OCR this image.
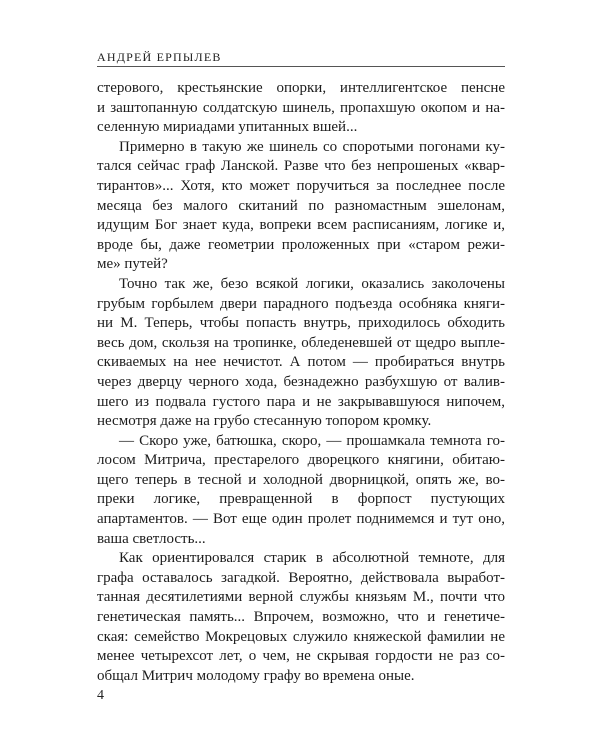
АНДРЕЙ ЕРПЫЛЕВ
стерового, крестьянские опорки, интеллигентское пенсне
и заштопанную солдатскую шинель, пропахшую окопом и на-
селенную мириадами упитанных вшей...
Примерно в такую же шинель со споротыми погонами ку-
тался сейчас граф Ланской. Разве что без непрошеных «квар-
тирантов»... Хотя, кто может поручиться за последнее после
месяца без малого скитаний по разномастным эшелонам,
идущим Бог знает куда, вопреки всем расписаниям, логике и,
вроде бы, даже геометрии проложенных при «старом режи-
ме» путей?
Точно так же, безо всякой логики, оказались заколочены
грубым горбылем двери парадного подъезда особняка княги-
ни М. Теперь, чтобы попасть внутрь, приходилось обходить
весь дом, скользя на тропинке, обледеневшей от щедро выпле-
скиваемых на нее нечистот. А потом — пробираться внутрь
через дверцу черного хода, безнадежно разбухшую от валив-
шего из подвала густого пара и не закрывавшуюся нипочем,
несмотря даже на грубо стесанную топором кромку.
— Скоро уже, батюшка, скоро, — прошамкала темнота го-
лосом Митрича, престарелого дворецкого княгини, обитаю-
щего теперь в тесной и холодной дворницкой, опять же, во-
преки логике, превращенной в форпост пустующих
апартаментов. — Вот еще один пролет поднимемся и тут оно,
ваша светлость...
Как ориентировался старик в абсолютной темноте, для
графа оставалось загадкой. Вероятно, действовала выработ-
танная десятилетиями верной службы князьям М., почти что
генетическая память... Впрочем, возможно, что и генетиче-
ская: семейство Мокрецовых служило княжеской фамилии не
менее четырехсот лет, о чем, не скрывая гордости не раз со-
общал Митрич молодому графу во времена оные.
4
